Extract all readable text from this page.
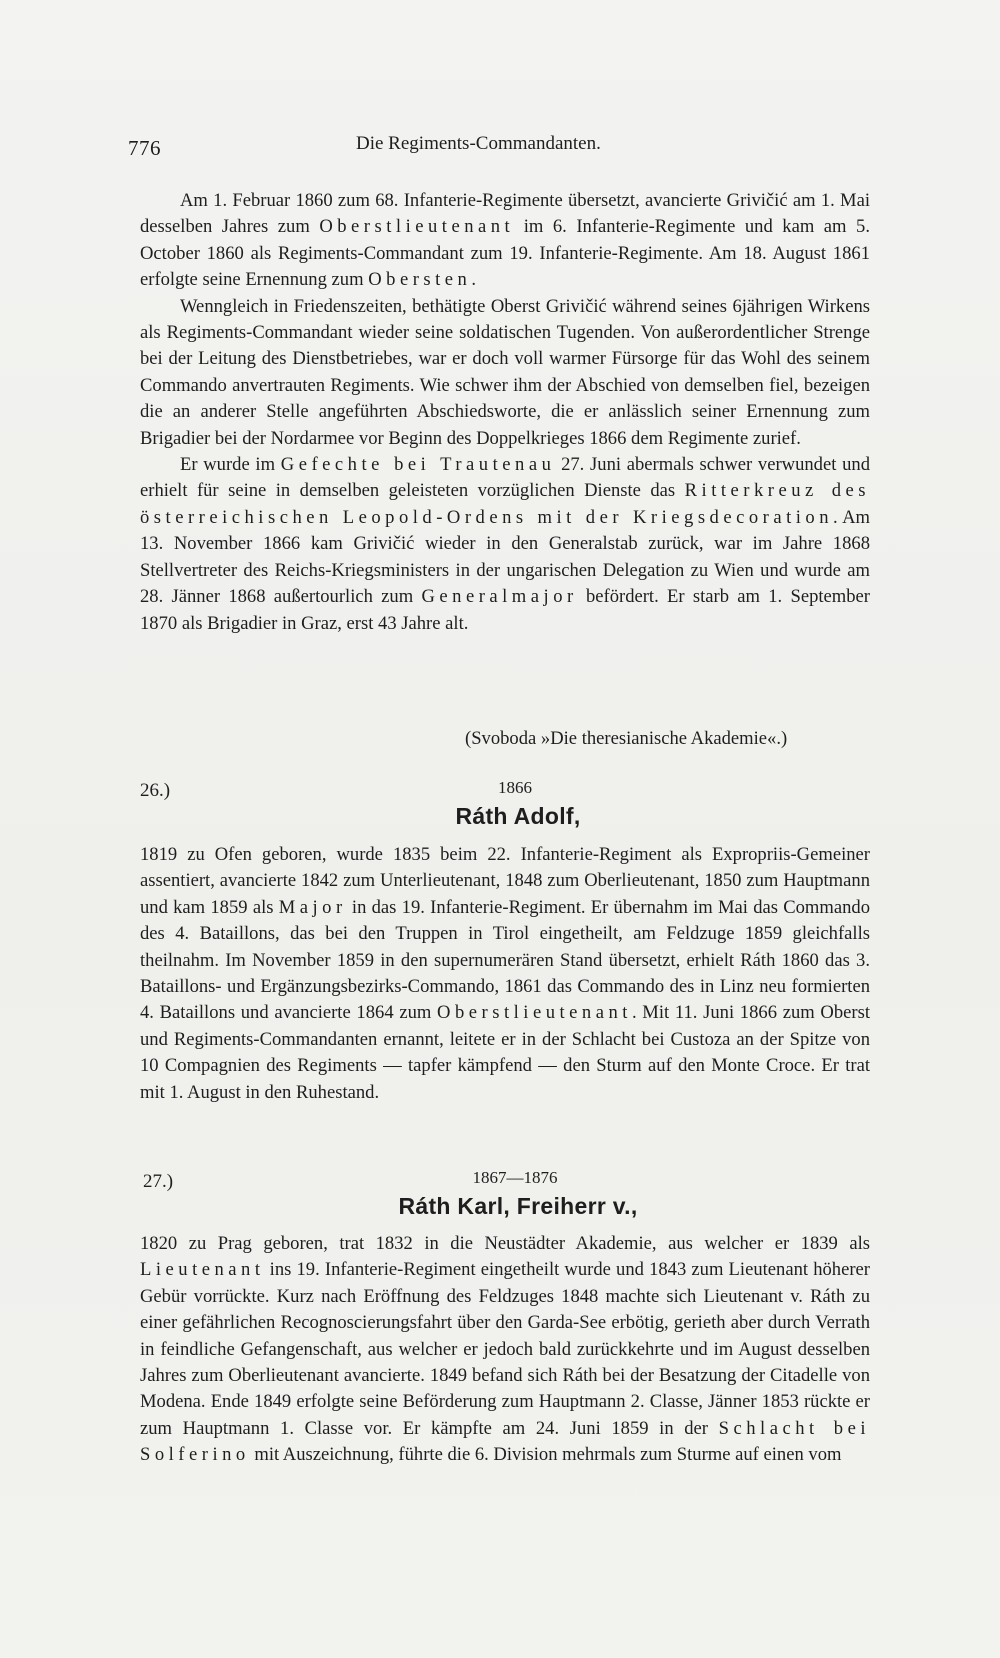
776	Die Regiments-Commandanten.

Am 1. Februar 1860 zum 68. Infanterie-Regimente übersetzt, avancierte Grivičić am 1. Mai desselben Jahres zum Oberstlieutenant im 6. Infanterie-Regimente und kam am 5. October 1860 als Regiments-Commandant zum 19. Infanterie-Regimente. Am 18. August 1861 erfolgte seine Ernennung zum Obersten.

Wenngleich in Friedenszeiten, bethätigte Oberst Grivičić während seines 6jährigen Wirkens als Regiments-Commandant wieder seine soldatischen Tugenden. Von außerordentlicher Strenge bei der Leitung des Dienstbetriebes, war er doch voll warmer Fürsorge für das Wohl des seinem Commando anvertrauten Regiments. Wie schwer ihm der Abschied von demselben fiel, bezeigen die an anderer Stelle angeführten Abschiedsworte, die er anlässlich seiner Ernennung zum Brigadier bei der Nordarmee vor Beginn des Doppelkrieges 1866 dem Regimente zurief.

Er wurde im Gefechte bei Trautenau 27. Juni abermals schwer verwundet und erhielt für seine in demselben geleisteten vorzüglichen Dienste das Ritterkreuz des österreichischen Leopold-Ordens mit der Kriegsdecoration. Am 13. November 1866 kam Grivičić wieder in den Generalstab zurück, war im Jahre 1868 Stellvertreter des Reichs-Kriegsministers in der ungarischen Delegation zu Wien und wurde am 28. Jänner 1868 außertourlich zum Generalmajor befördert. Er starb am 1. September 1870 als Brigadier in Graz, erst 43 Jahre alt.

(Svoboda »Die theresianische Akademie«.)
26.)	1866
Ráth Adolf,

1819 zu Ofen geboren, wurde 1835 beim 22. Infanterie-Regiment als Expropriis-Gemeiner assentiert, avancierte 1842 zum Unterlieutenant, 1848 zum Oberlieutenant, 1850 zum Hauptmann und kam 1859 als Major in das 19. Infanterie-Regiment. Er übernahm im Mai das Commando des 4. Bataillons, das bei den Truppen in Tirol eingetheilt, am Feldzuge 1859 gleichfalls theilnahm. Im November 1859 in den supernumerären Stand übersetzt, erhielt Ráth 1860 das 3. Bataillons- und Ergänzungsbezirks-Commando, 1861 das Commando des in Linz neu formierten 4. Bataillons und avancierte 1864 zum Oberstlieutenant. Mit 11. Juni 1866 zum Oberst und Regiments-Commandanten ernannt, leitete er in der Schlacht bei Custoza an der Spitze von 10 Compagnien des Regiments — tapfer kämpfend — den Sturm auf den Monte Croce. Er trat mit 1. August in den Ruhestand.

27.)	1867—1876
Ráth Karl, Freiherr v.,

1820 zu Prag geboren, trat 1832 in die Neustädter Akademie, aus welcher er 1839 als Lieutenant ins 19. Infanterie-Regiment eingetheilt wurde und 1843 zum Lieutenant höherer Gebür vorrückte. Kurz nach Eröffnung des Feldzuges 1848 machte sich Lieutenant v. Ráth zu einer gefährlichen Recognoscierungsfahrt über den Garda-See erbötig, gerieth aber durch Verrath in feindliche Gefangenschaft, aus welcher er jedoch bald zurückkehrte und im August desselben Jahres zum Oberlieutenant avancierte. 1849 befand sich Ráth bei der Besatzung der Citadelle von Modena. Ende 1849 erfolgte seine Beförderung zum Hauptmann 2. Classe, Jänner 1853 rückte er zum Hauptmann 1. Classe vor. Er kämpfte am 24. Juni 1859 in der Schlacht bei Solferino mit Auszeichnung, führte die 6. Division mehrmals zum Sturme auf einen vom
